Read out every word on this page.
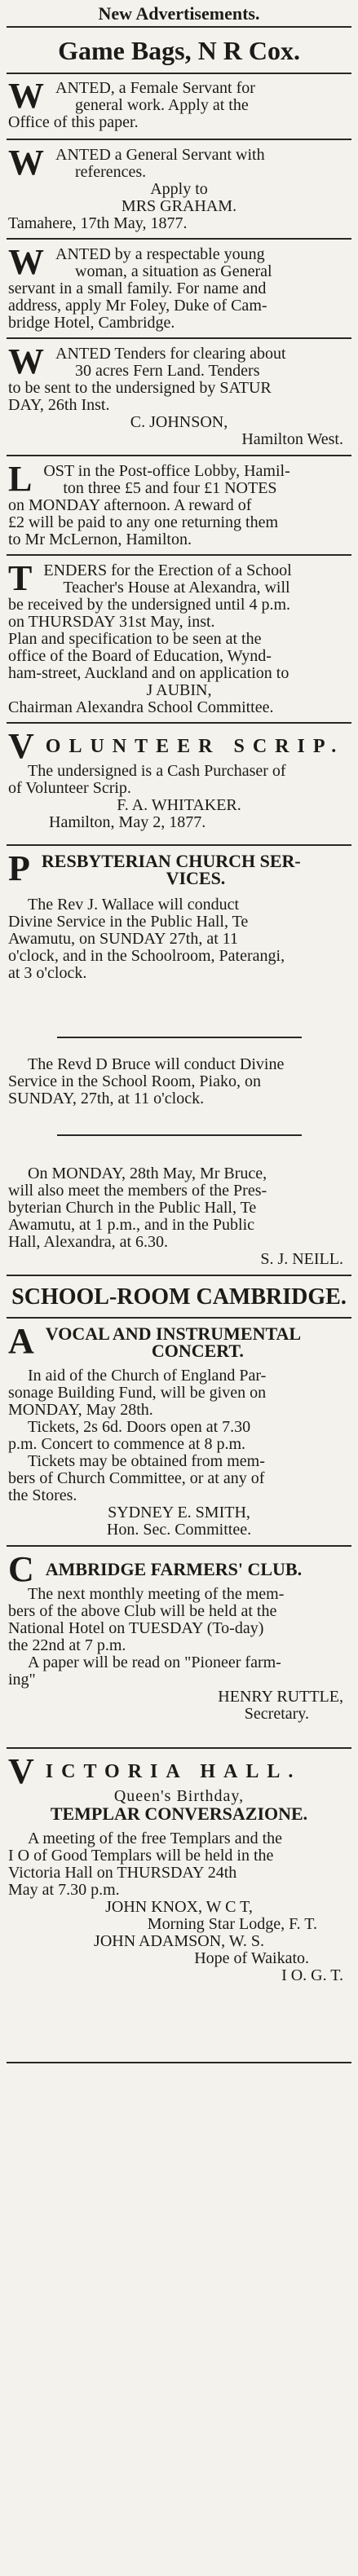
New Advertisements.
Game Bags, N R Cox.
W ANTED, a Female Servant for
general work. Apply at the
Office of this paper.
W ANTED a General Servant with
references.
Apply to
MRS GRAHAM.
Tamahere, 17th May, 1877.
W ANTED by a respectable young
woman, a situation as General
servant in a small family. For name and
address, apply Mr Foley, Duke of Cam-
bridge Hotel, Cambridge.
W ANTED Tenders for clearing about
30 acres Fern Land. Tenders
to be sent to the undersigned by SATUR
DAY, 26th Inst.
C. JOHNSON,
Hamilton West.
L OST in the Post-office Lobby, Hamil-
ton three £5 and four £1 NOTES
on MONDAY afternoon. A reward of
£2 will be paid to any one returning them
to Mr McLernon, Hamilton.
T ENDERS for the Erection of a School
Teacher's House at Alexandra, will
be received by the undersigned until 4 p.m.
on THURSDAY 31st May, inst.
Plan and specification to be seen at the
office of the Board of Education, Wynd-
ham-street, Auckland and on application to
J AUBIN,
Chairman Alexandra School Committee.
V OLUNTEER SCRIP.
The undersigned is a Cash Purchaser of
of Volunteer Scrip.
F. A. WHITAKER.
Hamilton, May 2, 1877.
P RESBYTERIAN CHURCH SER-
VICES.
The Rev J. Wallace will conduct
Divine Service in the Public Hall, Te
Awamutu, on SUNDAY 27th, at 11
o'clock, and in the Schoolroom, Paterangi,
at 3 o'clock.
The Revd D Bruce will conduct Divine
Service in the School Room, Piako, on
SUNDAY, 27th, at 11 o'clock.
On MONDAY, 28th May, Mr Bruce,
will also meet the members of the Pres-
byterian Church in the Public Hall, Te
Awamutu, at 1 p.m., and in the Public
Hall, Alexandra, at 6.30.
S. J. NEILL.
SCHOOL-ROOM CAMBRIDGE.
A VOCAL AND INSTRUMENTAL
CONCERT.
In aid of the Church of England Par-
sonage Building Fund, will be given on
MONDAY, May 28th.
Tickets, 2s 6d. Doors open at 7.30
p.m. Concert to commence at 8 p.m.
Tickets may be obtained from mem-
bers of Church Committee, or at any of
the Stores.
SYDNEY E. SMITH,
Hon. Sec. Committee.
C AMBRIDGE FARMERS' CLUB.
The next monthly meeting of the mem-
bers of the above Club will be held at the
National Hotel on TUESDAY (To-day)
the 22nd at 7 p.m.
A paper will be read on "Pioneer farm-
ing"
HENRY RUTTLE,
Secretary.
V ICTORIA HALL.
Queen's Birthday,
TEMPLAR CONVERSAZIONE.
A meeting of the free Templars and the
I O of Good Templars will be held in the
Victoria Hall on THURSDAY 24th
May at 7.30 p.m.
JOHN KNOX, W C T,
Morning Star Lodge, F. T.
JOHN ADAMSON, W. S.
Hope of Waikato.
I O. G. T.
